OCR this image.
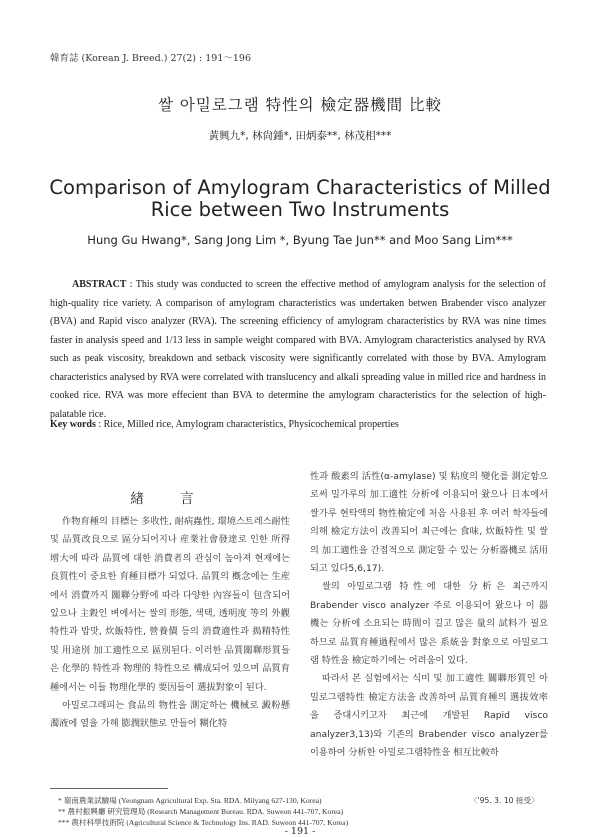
韓育誌 (Korean J. Breed.) 27(2) : 191～196
쌀 아밀로그램 特性의 檢定器機間 比較
黃興九*, 林尙鍾*, 田炳泰**, 林茂相***
Comparison of Amylogram Characteristics of Milled Rice between Two Instruments
Hung Gu Hwang*, Sang Jong Lim *, Byung Tae Jun** and Moo Sang Lim***
ABSTRACT : This study was conducted to screen the effective method of amylogram analysis for the selection of high-quality rice variety. A comparison of amylogram characteristics was undertaken betwen Brabender visco analyzer (BVA) and Rapid visco analyzer (RVA). The screening efficiency of amylogram characteristics by RVA was nine times faster in analysis speed and 1/13 less in sample weight compared with BVA. Amylogram characteristics analysed by RVA such as peak viscosity, breakdown and setback viscosity were significantly correlated with those by BVA. Amylogram characteristics analysed by RVA were correlated with translucency and alkali spreading value in milled rice and hardness in cooked rice. RVA was more effecient than BVA to determine the amylogram characteristics for the selection of high-palatable rice.
Key words : Rice, Milled rice, Amylogram characteristics, Physicochemical properties
緖 言

作物育種의 目標는 多收性, 耐病蟲性, 環境스트레스耐性 및 品質改良으로 區分되어지나 産業社會發達로 인한 所得增大에 따라 品質에 대한 消費者의 관심이 높아져 현재에는 良質性이 중요한 育種目標가 되었다. 品質의 槪念에는 生産에서 消費까지 關聯分野에 따라 다양한 內容들이 包含되어 있으나 主穀인 벼에서는 쌀의 形態, 색택, 透明度 等의 外觀特性과 밥맛, 炊飯特性, 營養價 등의 消費適性과 搗精特性 및 用途別 加工適性으로 區別된다. 이러한 品質關聯形質들은 化學的 特性과 物理的 特性으로 構成되어 있으며 品質育種에서는 이들 物理化學的 要因들이 選拔對象이 된다.

아밀로그래피는 食品의 物性을 測定하는 機械로 澱粉懸濁液에 열을 가해 膨潤狀態로 만들어 糊化特

性과 酸素의 活性(α-amylase) 및 粘度의 變化를 測定함으로써 밀가루의 加工適性 分析에 이용되어 왔으나 日本에서 쌀가루 현탁액의 物性檢定에 처음 사용된 후 여러 학자들에 의해 檢定方法이 改善되어 최근에는 食味, 炊飯特性 및 쌀의 加工適性을 간접적으로 測定할 수 있는 分析器機로 活用되고 있다5,6,17).

쌀의 아밀로그램 特性에 대한 分析은 최근까지 Brabender visco analyzer 주로 이용되어 왔으나 이 器機는 分析에 소요되는 時間이 길고 많은 量의 試料가 필요하므로 品質育種過程에서 많은 系統을 對象으로 아밀로그램 特性을 檢定하기에는 어려움이 있다.

따라서 본 실험에서는 식미 및 加工適性 關聯形質인 아밀로그램特性 檢定方法을 改善하여 品質育種의 選拔效率을 증대시키고자 최근에 개발된 Rapid visco analyzer3,13)와 기존의 Brabender visco analyzer를 이용하여 分析한 아밀로그램特性을 相互比較하

* 嶺南農業試驗場 (Yeongnam Agricultural Exp. Sta. RDA. Milyang 627-130, Korea)
** 農村振興廳 硏究管理局 (Research Management Bureau. RDA. Suweon 441-707, Korea)
*** 農村科學技術院 (Agricultural Science & Technology Ins. RAD. Suweon 441-707, Korea)
〈'95. 3. 10 接受〉
- 191 -
